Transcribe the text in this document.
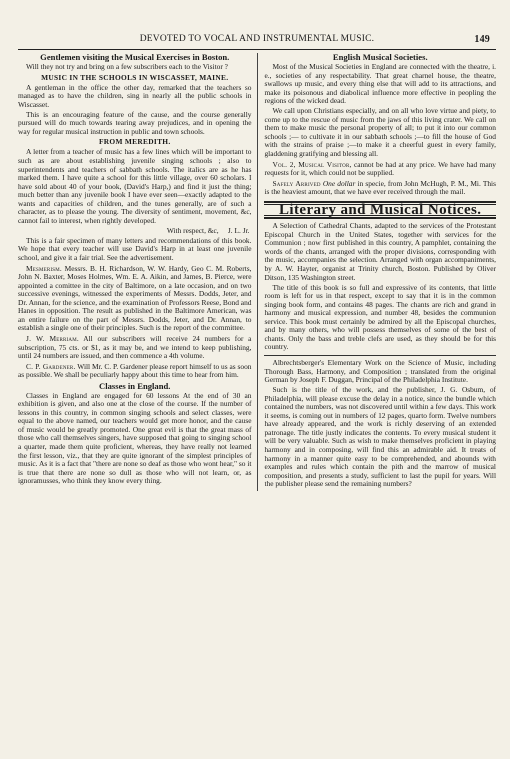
DEVOTED TO VOCAL AND INSTRUMENTAL MUSIC.	149

Gentlemen visiting the Musical Exercises in Boston.

Will they not try and bring on a few subscribers each to the Visitor ?

MUSIC IN THE SCHOOLS IN WISCASSET, MAINE.

A gentleman in the office the other day, remarked that the teachers so managed as to have the children, sing in nearly all the public schools in Wiscasset.

This is an encouraging feature of the cause, and the course generally pursued will do much towards tearing away prejudices, and in opening the way for regular musical instruction in public and town schools.

FROM MEREDITH.

A letter from a teacher of music has a few lines which will be important to such as are about establishing juvenile singing schools ; also to superintendents and teachers of sabbath schools. The italics are as he has marked them. I have quite a school for this little village, over 60 scholars. I have sold about 40 of your book, (David's Harp,) and find it just the thing; much better than any juvenile book I have ever seen—exactly adapted to the wants and capacities of children, and the tunes generally, are of such a character, as to please the young. The diversity of sentiment, movement, &c, cannot fail to interest, when rightly developed.

With respect, &c, J. L. Jr.

This is a fair specimen of many letters and recommendations of this book. We hope that every teacher will use David's Harp in at least one juvenile school, and give it a fair trial. See the advertisement.

Mesmerism. Messrs. B. H. Richardson, W. W. Hardy, Geo C. M. Roberts, John N. Baxter, Moses Holmes, Wm. E. A. Aikin, and James, B. Pierce, were appointed a comittee in the city of Baltimore, on a late occasion, and on two successive evenings, witnessed the experiments of Messrs. Dodds, Jeter, and Dr. Annan, for the science, and the examination of Professors Reese, Bond and Hanes in opposition. The result as published in the Baltimore American, was an entire failure on the part of Messrs. Dodds, Jeter, and Dr. Annan, to establish a single one of their principles. Such is the report of the committee.

J. W. Merriam. All our subscribers will receive 24 numbers for a subscription, 75 cts. or $1, as it may be, and we intend to keep publishing, until 24 numbers are issued, and then commence a 4th volume.

C. P. Gardener. Will Mr. C. P. Gardener please report himself to us as soon as possible. We shall be peculiarly happy about this time to hear from him.

Classes in England.

Classes in England are engaged for 60 lessons At the end of 30 an exhibition is given, and also one at the close of the course. If the number of lessons in this country, in common singing schools and select classes, were equal to the above named, our teachers would get more honor, and the cause of music would be greatly promoted. One great evil is that the great mass of those who call themselves singers, have supposed that going to singing school a quarter, made them quite proficient, whereas, they have really not learned the first lesson, viz., that they are quite ignorant of the simplest principles of music. As it is a fact that "there are none so deaf as those who wont hear," so it is true that there are none so dull as those who will not learn, or, as ignoramusses, who think they know every thing.

English Musical Societies.

Most of the Musical Societies in England are connected with the theatre, i. e., societies of any respectability. That great charnel house, the theatre, swallows up music, and every thing else that will add to its attractions, and make its poisonous and diabolical influence more effective in peopling the regions of the wicked dead.

We call upon Christians especially, and on all who love virtue and piety, to come up to the rescue of music from the jaws of this living crater. We call on them to make music the personal property of all; to put it into our common schools ;— to cultivate it in our sabbath schools ;—to fill the house of God with the strains of praise ;—to make it a cheerful guest in every family, gladdening gratifying and blessing all.

Vol. 2, Musical Visitor, cannot be had at any price. We have had many requests for it, which could not be supplied.

Safely Arrived One dollar in specie, from John McHugh, P. M., Mi. This is the heaviest amount, that we have ever received through the mail.

Literary and Musical Notices.

A Selection of Cathedral Chants, adapted to the services of the Protestant Episcopal Church in the United States, together with services for the Communion ; now first published in this country, A pamphlet, containing the words of the chants, arranged with the proper divisions, corresponding with the music, accompanies the selection. Arranged with organ accompaniments, by A. W. Hayter, organist at Trinity church, Boston. Published by Oliver Ditson, 135 Washington street.

The title of this book is so full and expressive of its contents, that little room is left for us in that respect, except to say that it is in the common singing book form, and contains 48 pages. The chants are rich and grand in harmony and musical expression, and number 48, besides the communion service. This book must certainly be admired by all the Episcopal churches, and by many others, who will possess themselves of some of the best of chants. Only the bass and treble clefs are used, as they should be for this country.

Albrechtsberger's Elementary Work on the Science of Music, including Thorough Bass, Harmony, and Composition ; translated from the original German by Joseph F. Duggan, Principal of the Philadelphia Institute.

Such is the title of the work, and the publisher, J. G. Osbum, of Philadelphia, will please excuse the delay in a notice, since the bundle which contained the numbers, was not discovered until within a few days. This work it seems, is coming out in numbers of 12 pages, quarto form. Twelve numbers have already appeared, and the work is richly deserving of an extended patronage. The title justly indicates the contents. To every musical student it will be very valuable. Such as wish to make themselves proficient in playing harmony and in composing, will find this an admirable aid. It treats of harmony in a manner quite easy to be comprehended, and abounds with examples and rules which contain the pith and the marrow of musical composition, and presents a study, sufficient to last the pupil for years. Will the publisher please send the remaining numbers?
